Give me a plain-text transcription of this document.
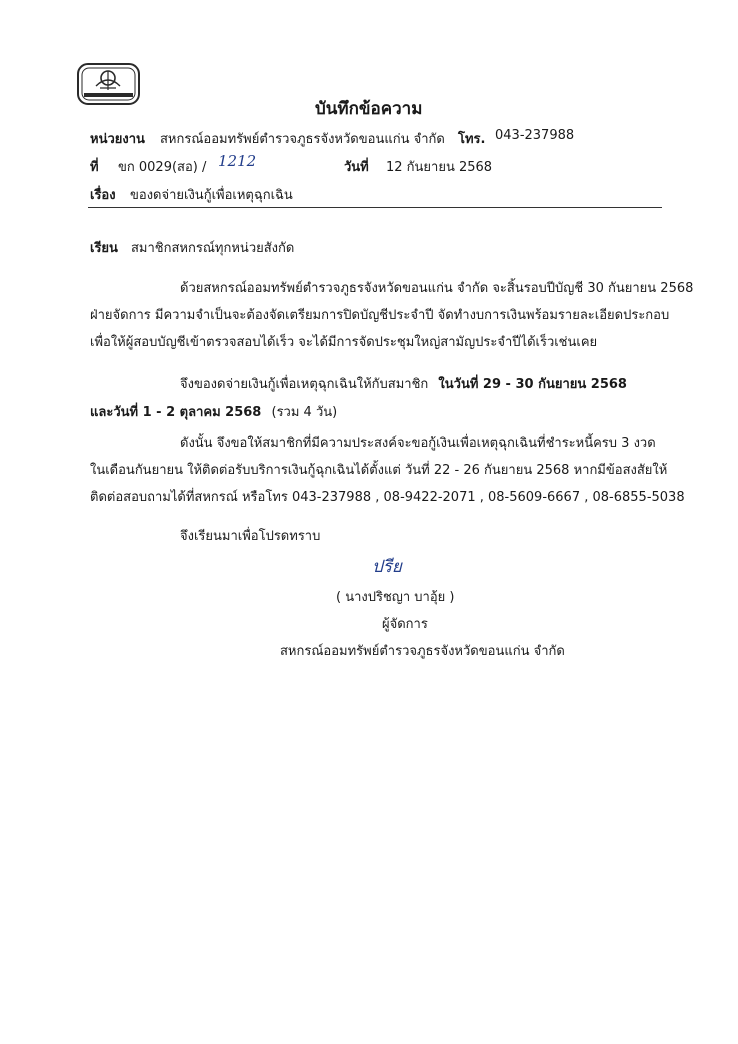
บันทึกข้อความ
หน่วยงาน สหกรณ์ออมทรัพย์ตำรวจภูธรจังหวัดขอนแก่น จำกัด โทร. 043-237988
ที่ ขก 0029(สอ) / 1212	วันที่ 12 กันยายน 2568
เรื่อง ของดจ่ายเงินกู้เพื่อเหตุฉุกเฉิน
เรียน สมาชิกสหกรณ์ทุกหน่วยสังกัด
ด้วยสหกรณ์ออมทรัพย์ตำรวจภูธรจังหวัดขอนแก่น จำกัด จะสิ้นรอบปีบัญชี 30 กันยายน 2568
ฝ่ายจัดการ มีความจำเป็นจะต้องจัดเตรียมการปิดบัญชีประจำปี จัดทำงบการเงินพร้อมรายละเอียดประกอบ
เพื่อให้ผู้สอบบัญชีเข้าตรวจสอบได้เร็ว จะได้มีการจัดประชุมใหญ่สามัญประจำปีได้เร็วเช่นเคย
จึงของดจ่ายเงินกู้เพื่อเหตุฉุกเฉินให้กับสมาชิก ในวันที่ 29 - 30 กันยายน 2568
และวันที่ 1 - 2 ตุลาคม 2568 (รวม 4 วัน)
ดังนั้น จึงขอให้สมาชิกที่มีความประสงค์จะขอกู้เงินเพื่อเหตุฉุกเฉินที่ชำระหนี้ครบ 3 งวด
ในเดือนกันยายน ให้ติดต่อรับบริการเงินกู้ฉุกเฉินได้ตั้งแต่ วันที่ 22 - 26 กันยายน 2568 หากมีข้อสงสัยให้
ติดต่อสอบถามได้ที่สหกรณ์ หรือโทร 043-237988 , 08-9422-2071 , 08-5609-6667 , 08-6855-5038
จึงเรียนมาเพื่อโปรดทราบ
ปรีย
( นางปริชญา บาอุ้ย )
ผู้จัดการ
สหกรณ์ออมทรัพย์ตำรวจภูธรจังหวัดขอนแก่น จำกัด
